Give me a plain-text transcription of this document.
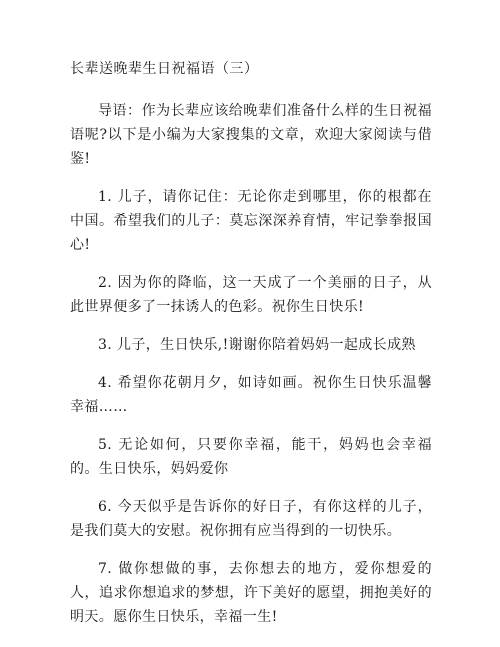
长辈送晚辈生日祝福语（三）

导语：作为长辈应该给晚辈们准备什么样的生日祝福语呢?以下是小编为大家搜集的文章，欢迎大家阅读与借鉴!

1. 儿子，请你记住：无论你走到哪里，你的根都在中国。希望我们的儿子：莫忘深深养育情，牢记拳拳报国心!

2. 因为你的降临，这一天成了一个美丽的日子，从此世界便多了一抹诱人的色彩。祝你生日快乐!

3. 儿子，生日快乐,!谢谢你陪着妈妈一起成长成熟

4. 希望你花朝月夕，如诗如画。祝你生日快乐温馨幸福……

5. 无论如何，只要你幸福，能干，妈妈也会幸福的。生日快乐，妈妈爱你

6. 今天似乎是告诉你的好日子，有你这样的儿子，是我们莫大的安慰。祝你拥有应当得到的一切快乐。

7. 做你想做的事，去你想去的地方，爱你想爱的人，追求你想追求的梦想，许下美好的愿望，拥抱美好的明天。愿你生日快乐，幸福一生!
